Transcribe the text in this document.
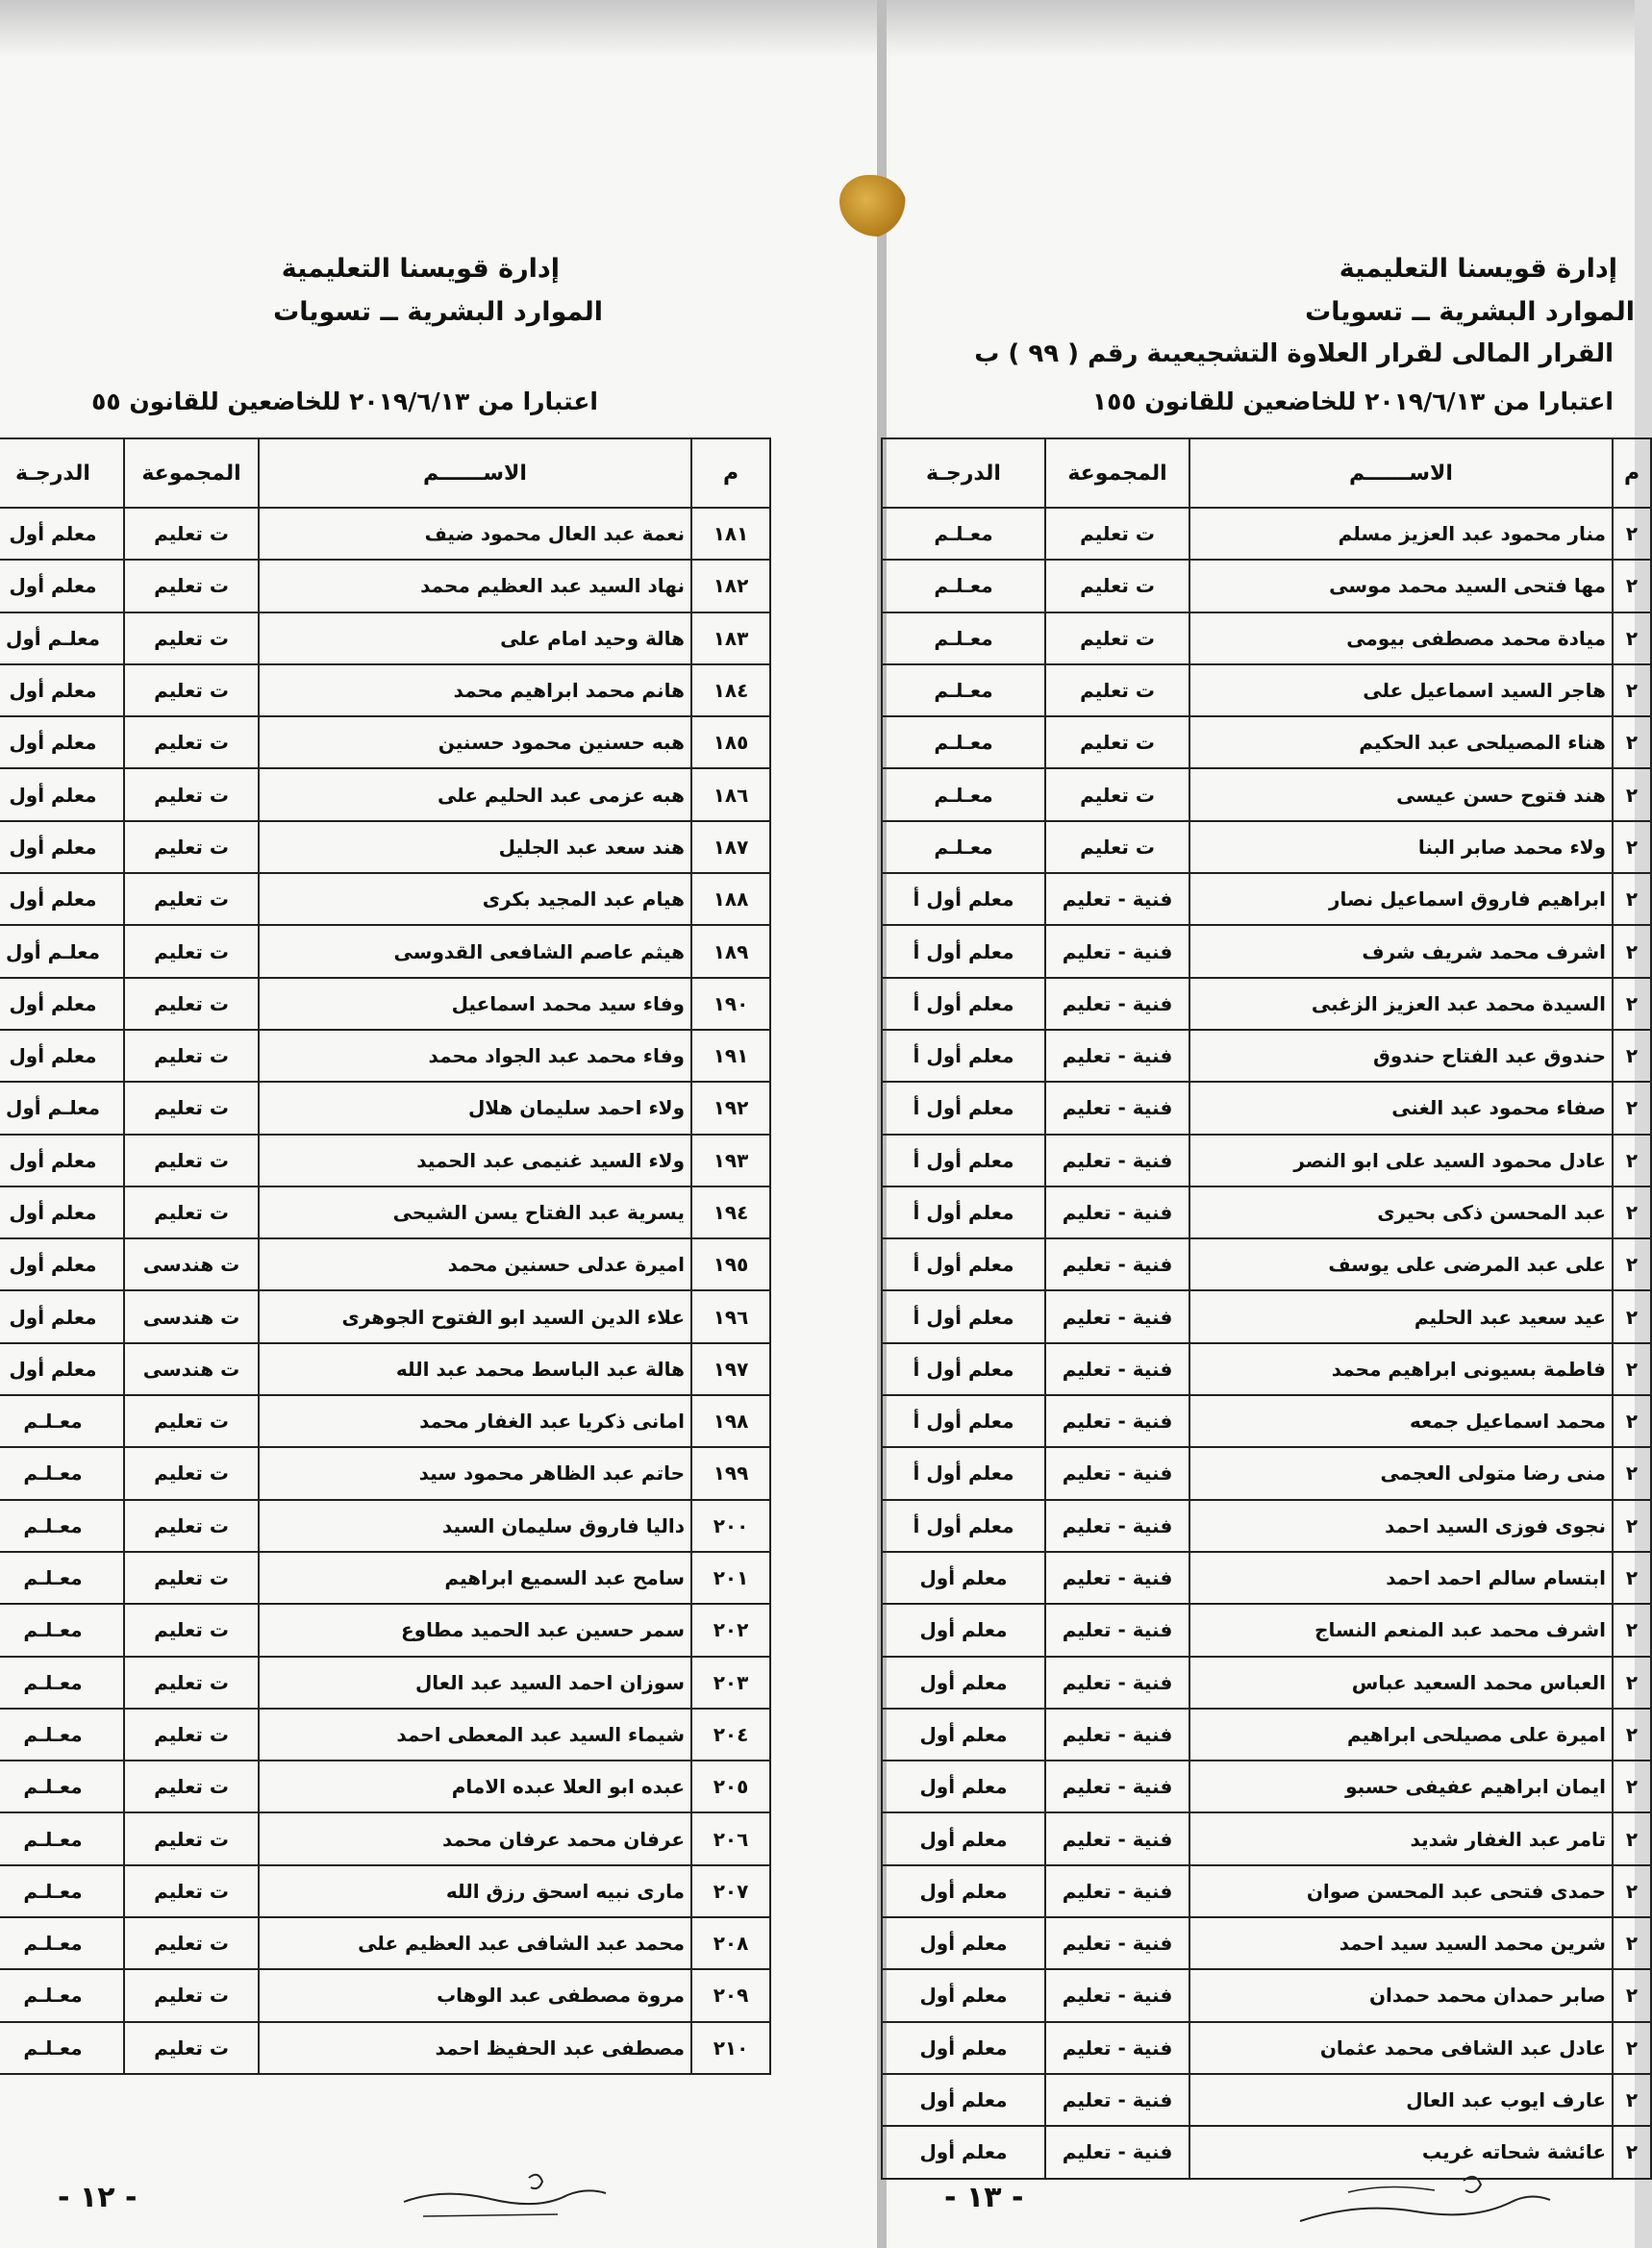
إدارة قويسنا التعليمية
الموارد البشرية ــ تسويات
اعتبارا من ٢٠١٩/٦/١٣ للخاضعين للقانون ٥٥
م	الاســــــم	المجموعة	الدرجـة
١٨١	نعمة عبد العال محمود ضيف	ت تعليم	معلم أول
١٨٢	نهاد السيد عبد العظيم محمد	ت تعليم	معلم أول
١٨٣	هالة وحيد امام على	ت تعليم	معلـم أول
١٨٤	هانم محمد ابراهيم محمد	ت تعليم	معلم أول
١٨٥	هبه حسنين محمود حسنين	ت تعليم	معلم أول
١٨٦	هبه عزمى عبد الحليم على	ت تعليم	معلم أول
١٨٧	هند سعد عبد الجليل	ت تعليم	معلم أول
١٨٨	هيام عبد المجيد بكرى	ت تعليم	معلم أول
١٨٩	هيثم عاصم الشافعى القدوسى	ت تعليم	معلـم أول
١٩٠	وفاء سيد محمد اسماعيل	ت تعليم	معلم أول
١٩١	وفاء محمد عبد الجواد محمد	ت تعليم	معلم أول
١٩٢	ولاء احمد سليمان هلال	ت تعليم	معلـم أول
١٩٣	ولاء السيد غنيمى عبد الحميد	ت تعليم	معلم أول
١٩٤	يسرية عبد الفتاح يسن الشيحى	ت تعليم	معلم أول
١٩٥	اميرة عدلى حسنين محمد	ت هندسى	معلم أول
١٩٦	علاء الدين السيد ابو الفتوح الجوهرى	ت هندسى	معلم أول
١٩٧	هالة عبد الباسط محمد عبد الله	ت هندسى	معلم أول
١٩٨	امانى ذكريا عبد الغفار محمد	ت تعليم	معـلـم
١٩٩	حاتم عبد الظاهر محمود سيد	ت تعليم	معـلـم
٢٠٠	داليا فاروق سليمان السيد	ت تعليم	معـلـم
٢٠١	سامح عبد السميع ابراهيم	ت تعليم	معـلـم
٢٠٢	سمر حسين عبد الحميد مطاوع	ت تعليم	معـلـم
٢٠٣	سوزان احمد السيد عبد العال	ت تعليم	معـلـم
٢٠٤	شيماء السيد عبد المعطى احمد	ت تعليم	معـلـم
٢٠٥	عبده ابو العلا عبده الامام	ت تعليم	معـلـم
٢٠٦	عرفان محمد عرفان محمد	ت تعليم	معـلـم
٢٠٧	مارى نبيه اسحق رزق الله	ت تعليم	معـلـم
٢٠٨	محمد عبد الشافى عبد العظيم على	ت تعليم	معـلـم
٢٠٩	مروة مصطفى عبد الوهاب	ت تعليم	معـلـم
٢١٠	مصطفى عبد الحفيظ احمد	ت تعليم	معـلـم
- ١٢ -
إدارة قويسنا التعليمية
الموارد البشرية ــ تسويات
القرار المالى لقرار العلاوة التشجيعيىة رقم ( ٩٩ ) ب
اعتبارا من ٢٠١٩/٦/١٣ للخاضعين للقانون ١٥٥
م	الاســــــم	المجموعة	الدرجـة
٢	منار محمود عبد العزيز مسلم	ت تعليم	معـلـم
٢	مها فتحى السيد محمد موسى	ت تعليم	معـلـم
٢	ميادة محمد مصطفى بيومى	ت تعليم	معـلـم
٢	هاجر السيد اسماعيل على	ت تعليم	معـلـم
٢	هناء المصيلحى عبد الحكيم	ت تعليم	معـلـم
٢	هند فتوح حسن عيسى	ت تعليم	معـلـم
٢	ولاء محمد صابر البنا	ت تعليم	معـلـم
٢	ابراهيم فاروق اسماعيل نصار	فنية - تعليم	معلم أول أ
٢	اشرف محمد شريف شرف	فنية - تعليم	معلم أول أ
٢	السيدة محمد عبد العزيز الزغبى	فنية - تعليم	معلم أول أ
٢	حندوق عبد الفتاح حندوق	فنية - تعليم	معلم أول أ
٢	صفاء محمود عبد الغنى	فنية - تعليم	معلم أول أ
٢	عادل محمود السيد على ابو النصر	فنية - تعليم	معلم أول أ
٢	عبد المحسن ذكى بحيرى	فنية - تعليم	معلم أول أ
٢	على عبد المرضى على يوسف	فنية - تعليم	معلم أول أ
٢	عيد سعيد عبد الحليم	فنية - تعليم	معلم أول أ
٢	فاطمة بسيونى ابراهيم محمد	فنية - تعليم	معلم أول أ
٢	محمد اسماعيل جمعه	فنية - تعليم	معلم أول أ
٢	منى رضا متولى العجمى	فنية - تعليم	معلم أول أ
٢	نجوى فوزى السيد احمد	فنية - تعليم	معلم أول أ
٢	ابتسام سالم احمد احمد	فنية - تعليم	معلم أول
٢	اشرف محمد عبد المنعم النساج	فنية - تعليم	معلم أول
٢	العباس محمد السعيد عباس	فنية - تعليم	معلم أول
٢	اميرة على مصيلحى ابراهيم	فنية - تعليم	معلم أول
٢	ايمان ابراهيم عفيفى حسبو	فنية - تعليم	معلم أول
٢	تامر عبد الغفار شديد	فنية - تعليم	معلم أول
٢	حمدى فتحى عبد المحسن صوان	فنية - تعليم	معلم أول
٢	شرين محمد السيد سيد احمد	فنية - تعليم	معلم أول
٢	صابر حمدان محمد حمدان	فنية - تعليم	معلم أول
٢	عادل عبد الشافى محمد عثمان	فنية - تعليم	معلم أول
٢	عارف ايوب عبد العال	فنية - تعليم	معلم أول
٢	عائشة شحاته غريب	فنية - تعليم	معلم أول
- ١٣ -
